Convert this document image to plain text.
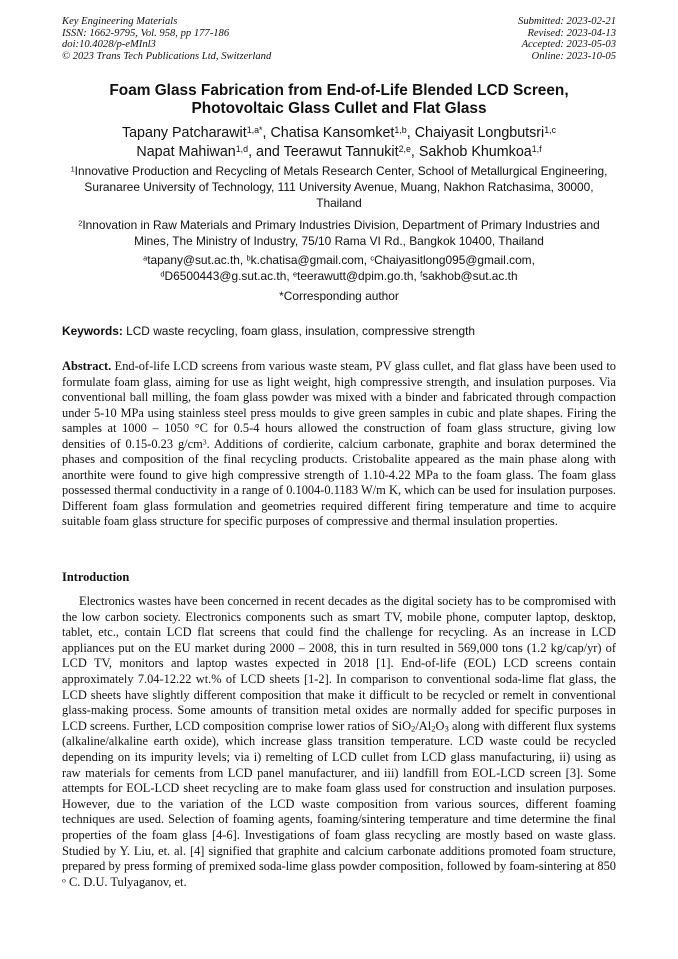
Key Engineering Materials
ISSN: 1662-9795, Vol. 958, pp 177-186
doi:10.4028/p-eMInl3
© 2023 Trans Tech Publications Ltd, Switzerland
Submitted: 2023-02-21
Revised: 2023-04-13
Accepted: 2023-05-03
Online: 2023-10-05
Foam Glass Fabrication from End-of-Life Blended LCD Screen,
Photovoltaic Glass Cullet and Flat Glass
Tapany Patcharawit$^{1,a*}$, Chatisa Kansomket$^{1,b}$, Chaiyasit Longbutsri$^{1,c}$
Napat Mahiwan$^{1,d}$, and Teerawut Tannukit$^{2,e}$, Sakhob Khumkoa$^{1,f}$
$^1$Innovative Production and Recycling of Metals Research Center, School of Metallurgical Engineering, Suranaree University of Technology, 111 University Avenue, Muang, Nakhon Ratchasima, 30000, Thailand
$^2$Innovation in Raw Materials and Primary Industries Division, Department of Primary Industries and Mines, The Ministry of Industry, 75/10 Rama VI Rd., Bangkok 10400, Thailand
$^a$tapany@sut.ac.th, $^b$k.chatisa@gmail.com, $^c$Chaiyasitlong095@gmail.com,
$^d$D6500443@g.sut.ac.th, $^e$teerawutt@dpim.go.th, $^f$sakhob@sut.ac.th
*Corresponding author
Keywords: LCD waste recycling, foam glass, insulation, compressive strength
Abstract. End-of-life LCD screens from various waste steam, PV glass cullet, and flat glass have been used to formulate foam glass, aiming for use as light weight, high compressive strength, and insulation purposes. Via conventional ball milling, the foam glass powder was mixed with a binder and fabricated through compaction under 5-10 MPa using stainless steel press moulds to give green samples in cubic and plate shapes. Firing the samples at 1000 – 1050 °C for 0.5-4 hours allowed the construction of foam glass structure, giving low densities of 0.15-0.23 $g/cm^3$. Additions of cordierite, calcium carbonate, graphite and borax determined the phases and composition of the final recycling products. Cristobalite appeared as the main phase along with anorthite were found to give high compressive strength of 1.10-4.22 MPa to the foam glass. The foam glass possessed thermal conductivity in a range of 0.1004-0.1183 W/m K, which can be used for insulation purposes. Different foam glass formulation and geometries required different firing temperature and time to acquire suitable foam glass structure for specific purposes of compressive and thermal insulation properties.
Introduction
Electronics wastes have been concerned in recent decades as the digital society has to be compromised with the low carbon society. Electronics components such as smart TV, mobile phone, computer laptop, desktop, tablet, etc., contain LCD flat screens that could find the challenge for recycling. As an increase in LCD appliances put on the EU market during 2000 – 2008, this in turn resulted in 569,000 tons (1.2 kg/cap/yr) of LCD TV, monitors and laptop wastes expected in 2018 [1]. End-of-life (EOL) LCD screens contain approximately 7.04-12.22 wt.% of LCD sheets [1-2]. In comparison to conventional soda-lime flat glass, the LCD sheets have slightly different composition that make it difficult to be recycled or remelt in conventional glass-making process. Some amounts of transition metal oxides are normally added for specific purposes in LCD screens. Further, LCD composition comprise lower ratios of $SiO_2/Al_2O_3$ along with different flux systems (alkaline/alkaline earth oxide), which increase glass transition temperature. LCD waste could be recycled depending on its impurity levels; via i) remelting of LCD cullet from LCD glass manufacturing, ii) using as raw materials for cements from LCD panel manufacturer, and iii) landfill from EOL-LCD screen [3]. Some attempts for EOL-LCD sheet recycling are to make foam glass used for construction and insulation purposes. However, due to the variation of the LCD waste composition from various sources, different foaming techniques are used. Selection of foaming agents, foaming/sintering temperature and time determine the final properties of the foam glass [4-6]. Investigations of foam glass recycling are mostly based on waste glass. Studied by Y. Liu, et. al. [4] signified that graphite and calcium carbonate additions promoted foam structure, prepared by press forming of premixed soda-lime glass powder composition, followed by foam-sintering at 850 $^o$ C. D.U. Tulyaganov, et.
